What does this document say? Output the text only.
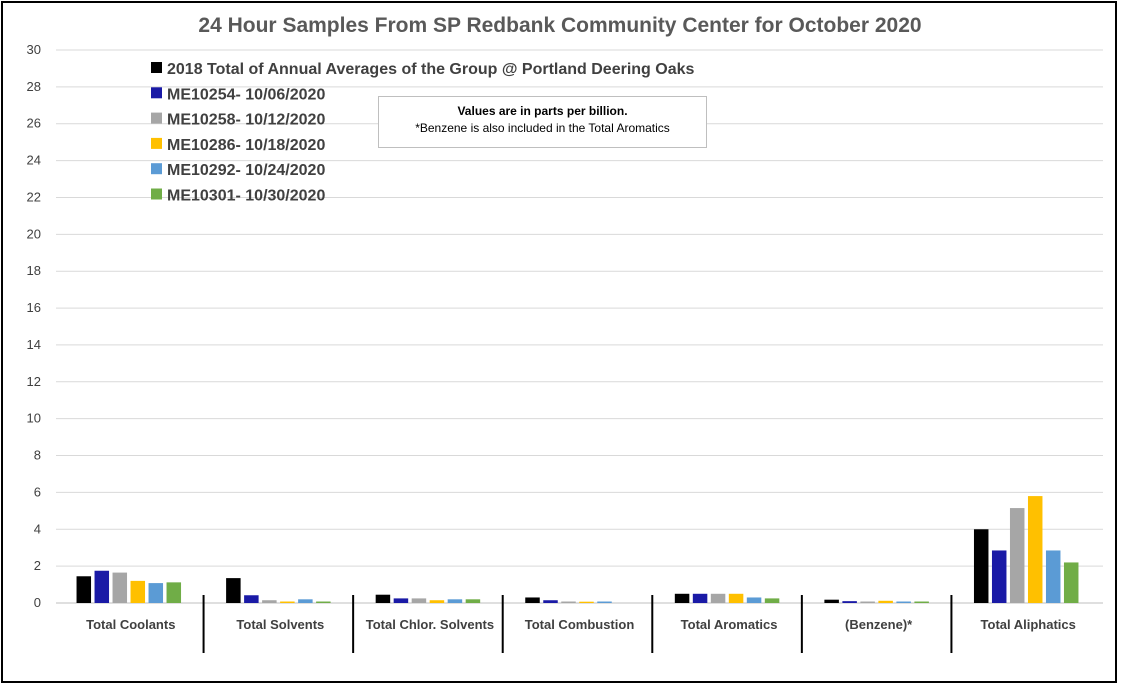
24 Hour Samples From SP Redbank Community Center for October 2020
0
2
4
6
8
10
12
14
16
18
20
22
24
26
28
30
Total Coolants	Total Solvents	Total Chlor. Solvents Total Combustion	Total Aromatics	(Benzene)*	Total Aliphatics
2018 Total of Annual Averages of the Group @ Portland Deering Oaks
ME10254- 10/06/2020
ME10258- 10/12/2020
ME10286- 10/18/2020
ME10292- 10/24/2020
ME10301- 10/30/2020
Values are in parts per billion.
*Benzene is also included in the Total Aromatics
